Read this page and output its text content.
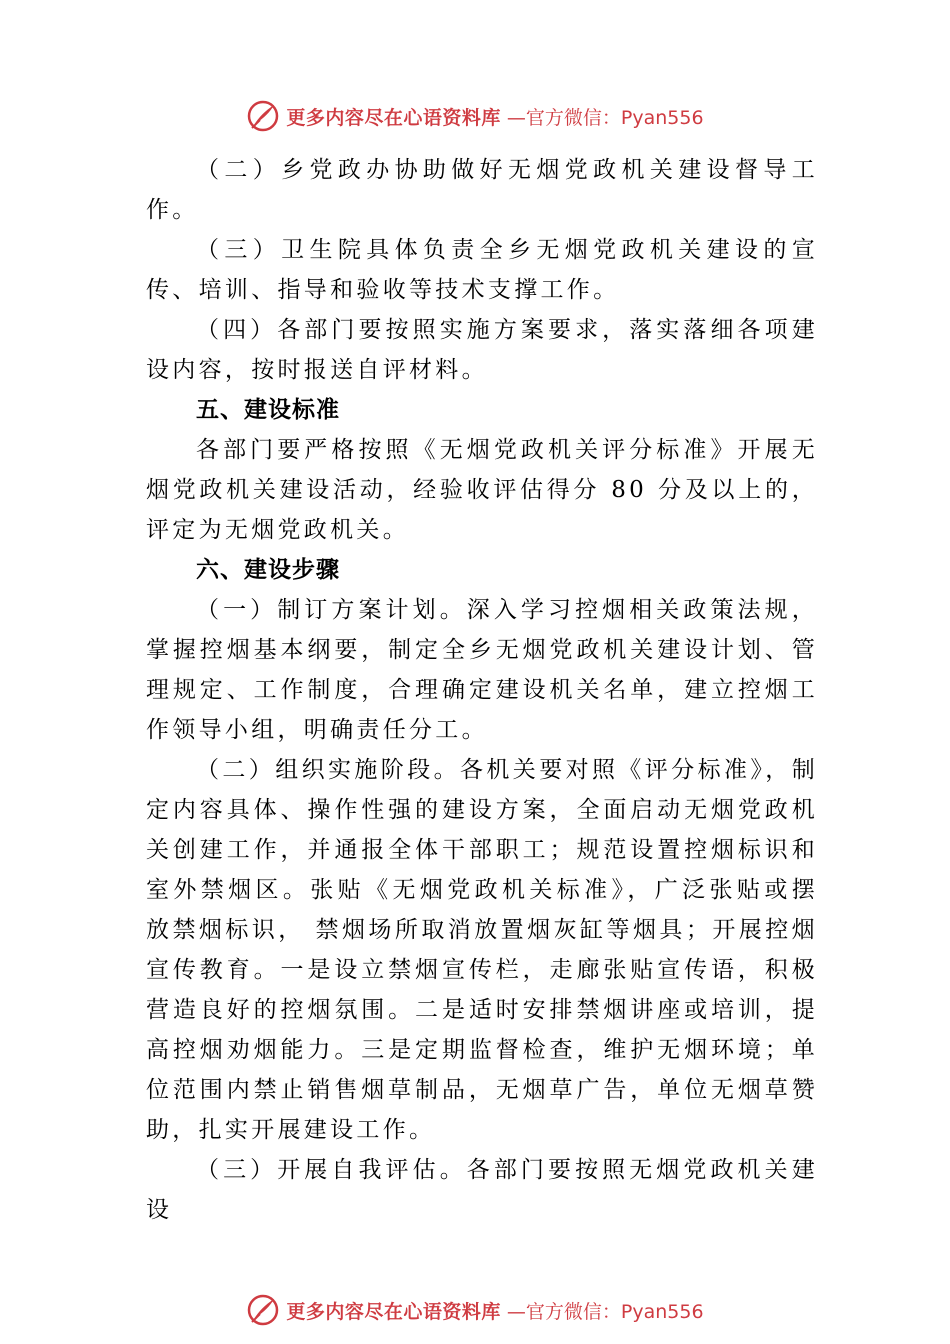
更多内容尽在心语资料库 —官方微信：Pyan556

（二）乡党政办协助做好无烟党政机关建设督导工作。

（三）卫生院具体负责全乡无烟党政机关建设的宣传、培训、指导和验收等技术支撑工作。

（四）各部门要按照实施方案要求，落实落细各项建设内容，按时报送自评材料。

五、建设标准

各部门要严格按照《无烟党政机关评分标准》开展无烟党政机关建设活动，经验收评估得分 80 分及以上的，评定为无烟党政机关。

六、建设步骤

（一）制订方案计划。深入学习控烟相关政策法规，掌握控烟基本纲要，制定全乡无烟党政机关建设计划、管理规定、工作制度，合理确定建设机关名单，建立控烟工作领导小组，明确责任分工。

（二）组织实施阶段。各机关要对照《评分标准》，制定内容具体、操作性强的建设方案，全面启动无烟党政机关创建工作，并通报全体干部职工；规范设置控烟标识和室外禁烟区。张贴《无烟党政机关标准》，广泛张贴或摆放禁烟标识， 禁烟场所取消放置烟灰缸等烟具；开展控烟宣传教育。一是设立禁烟宣传栏，走廊张贴宣传语，积极营造良好的控烟氛围。二是适时安排禁烟讲座或培训，提高控烟劝烟能力。三是定期监督检查，维护无烟环境；单位范围内禁止销售烟草制品，无烟草广告，单位无烟草赞助，扎实开展建设工作。

（三）开展自我评估。各部门要按照无烟党政机关建设

更多内容尽在心语资料库 —官方微信：Pyan556
